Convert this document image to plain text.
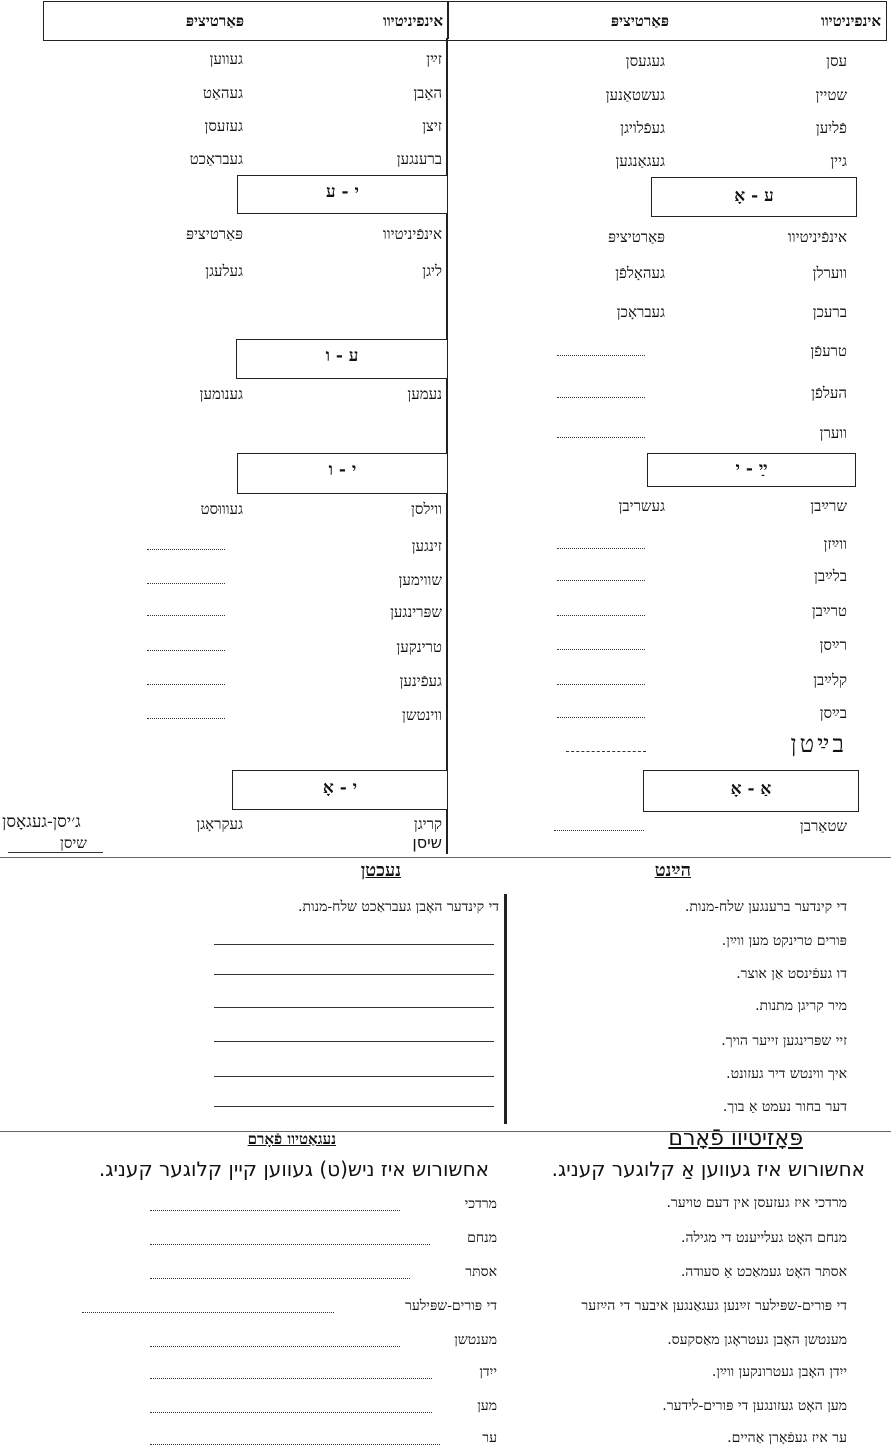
אינפיניטיוו
פּאַרטיציפּ
אינפיניטיוו
פּאַרטיציפּ
עסן
געגעסן
שטיין
געשטאַנען
פֿליִען
געפֿלויגן
גיין
געגאַנגען
ע - אָ
אינפֿיניטיוו
פּאַרטיציפּ
ווערלן
געהאָלפֿן
ברעכן
געבראָכן
טרעפֿן
העלפֿן
ווערן
ײַ - י
שרײַבן
געשריבן
ווײַזן
בלײַבן
טרײַבן
רײַסן
קלײַבן
בײַסן
בײַטן
אַ - אָ
שטאַרבן
זײַן
געווען
האָבן
געהאַט
זיצן
געזעסן
ברענגען
געבראַכט
י - ע
אינפֿיניטיוו
פּאַרטיציפּ
ליגן
געלעגן
ע - ו
נעמען
גענומען
י - ו
ווילסן
געוווּסט
זינגען
שווימען
שפּרינגען
טרינקען
געפֿינען
ווינטשן
י - אָ
קריגן
געקראָגן
שיסן
ג׳יסן-געגאָסן
שיסן
הײַנט
די קינדער ברענגען שלח-מנות.
פּורים טרינקט מען ווײַן.
דו געפֿינסט אַן אוצר.
מיר קריגן מתנות.
זיי שפּרינגען זייער הויך.
איך ווינטש דיר געזונט.
דער בחור נעמט אַ בוך.
נעכטן
די קינדער האָבן געבראַכט שלח-מנות.
פּאָזיטיוו פֿאָרם
אחשורוש איז געווען אַ קלוגער קעניג.
מרדכי איז געזעסן אין דעם טויער.
מנחם האָט געלייענט די מגילה.
אסתּר האָט געמאַכט אַ סעודה.
די פּורים-שפּילער זײַנען געגאַנגען איבער די הײַזער
מענטשן האָבן געטראָגן מאַסקעס.
ייִדן האָבן געטרונקען ווײַן.
מען האָט געזונגען די פּורים-לידער.
ער איז געפֿאָרן אַהיים.
נעגאַטיוו פֿאָרם
אחשורוש איז ניש(ט) געווען קיין קלוגער קעניג.
מרדכי
מנחם
אסתּר
די פּורים-שפּילער
מענטשן
ייִדן
מען
ער
